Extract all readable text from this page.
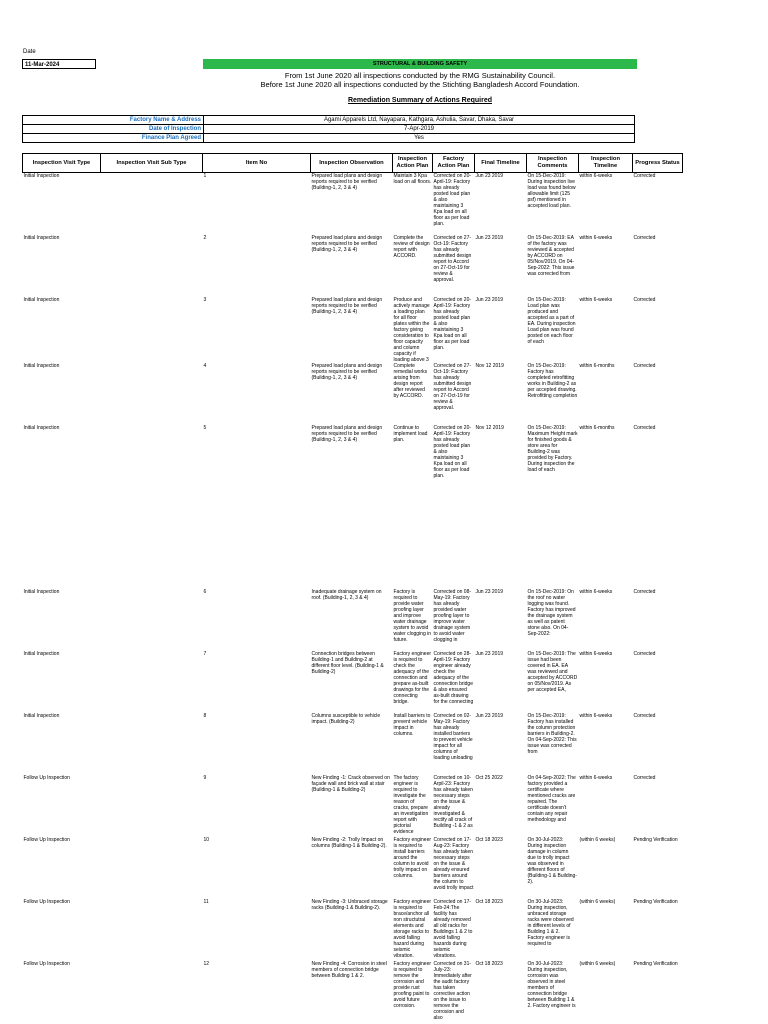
Date
11-Mar-2024	STRUCTURAL & BUILDING SAFETY
From 1st June 2020 all inspections conducted by the RMG Sustainability Council.
Before 1st June 2020 all inspections conducted by the Stichting Bangladesh Accord Foundation.
Remediation Summary of Actions Required
Factory Name & Address	Agami Apparels Ltd, Nayapara, Kathgara, Ashulia, Savar, Dhaka, Savar
Date of Inspection	7-Apr-2019
Finance Plan Agreed	Yes
Inspection Visit Type	Inspection Visit Sub Type	Item No	Inspection Observation	Inspection Action Plan	Factory Action Plan	Final Timeline	Inspection Comments	Inspection Timeline	Progress Status
Initial Inspection		1	Prepared load plans and design reports required to be verified (Building-1, 2, 3 & 4)	Maintain 3 Kpa load on all floors.	Corrected on 20-April-19: Factory has already posted load plan & also maintaining 3 Kpa load on all floor as per load plan.	Jun 23 2019	On 15-Dec-2019: During inspection live load was found below allowable limit (125 psf) mentioned in accepted load plan.	within 6-weeks	Corrected
Initial Inspection		2	Prepared load plans and design reports required to be verified (Building-1, 2, 3 & 4)	Complete the review of design report with ACCORD.	Corrected on 27-Oct-19: Factory has already submitted design report to Accord on 27-Oct-19 for review & approval.	Jun 23 2019	On 15-Dec-2019: EA of the factory was reviewed & accepted by ACCORD on 05/Nov/2019. On 04-Sep-2022: This issue was corrected from	within 6-weeks	Corrected
Initial Inspection		3	Prepared load plans and design reports required to be verified (Building-1, 2, 3 & 4)	Produce and actively manage a loading plan for all floor plates within the factory giving consideration to floor capacity and column capacity if loading above 3	Corrected on 20-April-19: Factory has already posted load plan & also maintaining 3 Kpa load on all floor as per load plan.	Jun 23 2019	On 15-Dec-2019: Load plan was produced and accepted as a part of EA. During inspection Load plan was found posted on each floor of each	within 6-weeks	Corrected
Initial Inspection		4	Prepared load plans and design reports required to be verified (Building-1, 2, 3 & 4)	Complete remedial works arising from design report after reviewed by ACCORD.	Corrected on 27-Oct-19: Factory has already submitted design report to Accord on 27-Oct-19 for review & approval.	Nov 12 2019	On 15-Dec-2019: Factory has completed retrofitting works in Building-2 as per accepted drawing. Retrofitting completion	within 6-months	Corrected
Initial Inspection		5	Prepared load plans and design reports required to be verified (Building-1, 2, 3 & 4)	Continue to implement load plan.	Corrected on 20-April-19: Factory has already posted load plan & also maintaining 3 Kpa load on all floor as per load plan.	Nov 12 2019	On 15-Dec-2019: Maximum Height mark for finished goods & store area for Building-2 was provided by Factory. During inspection the load of each	within 6-months	Corrected
Initial Inspection		6	Inadequate drainage system on roof. (Building-1, 2, 3 & 4)	Factory is required to provide water proofing layer and improve water drainage system to avoid water clogging in future.	Corrected on 08-May-19: Factory has already provided water proofing layer to improve water drainage system to avoid water clogging in	Jun 23 2019	On 15-Dec-2019: On the roof no water logging was found. Factory has improved the drainage system as well as patent stone also. On 04-Sep-2022:	within 6-weeks	Corrected
Initial Inspection		7	Connection bridges between Building-1 and Building-2 at different floor level. (Building-1 & Building-2)	Factory engineer is required to check the adequacy of the connection and prepare as-built drawings for the connecting bridge.	Corrected on 28-April-19: Factory engineer already check the adequacy of the connection bridge & also ensured as-built drawing for the connecting	Jun 23 2019	On 15-Dec-2019: The issue had been covered in EA. EA was reviewed and accepted by ACCORD on 05/Nov/2019. As per accepted EA,	within 6-weeks	Corrected
Initial Inspection		8	Columns susceptible to vehicle impact. (Building-2)	Install barriers to prevent vehicle impact in columns.	Corrected on 02-May-19: Factory has already installed barriers to prevent vehicle impact for all columns of loading unloading	Jun 23 2019	On 15-Dec-2019: Factory has installed the column protection barriers in Building-2. On 04-Sep-2022: This issue was corrected from	within 6-weeks	Corrected
Follow Up Inspection		9	New Finding -1: Crack observed on façade wall and brick wall at stair (Building-1 & Building-2)	The factory engineer is required to investigate the reason of cracks, prepare an investigation report with pictorial evidence	Corrected on 10-Arpil-23: Factory has already taken necessary steps on the issue & already investigated & rectify all crack of Building -1 & 2 as	Oct 25 2022	On 04-Sep-2022: The factory provided a certificate where mentioned cracks are repaired. The certificate doesn't contain any repair methodology and	within 6-weeks	Corrected
Follow Up Inspection		10	New Finding -2: Trolly Impact on columns (Building-1 & Building-2).	Factory engineer is required to install barriers around the column to avoid trolly impact on columns.	Corrected on 17-Aug-23: Factory has already taken necessary steps on the issue & already ensured barriers around the column to avoid trolly impact	Oct 18 2023	On 30-Jul-2023: During inspection damage in column due to trolly impact was observed in different floors of (Building-1 & Building-2).	(within 6 weeks)	Pending Verification
Follow Up Inspection		11	New Finding -3: Unbraced storage racks (Building-1 & Building-2).	Factory engineer is required to brace/anchor all non structutral elements and storage racks to avoid falling hazard during seismic vibration.	Corrected on 17-Feb-24:The facility has already removed all old racks for Buildings 1 & 2 to avoid falling hazards during seismic vibrations.	Oct 18 2023	On 30-Jul-2023: During inspection, unbraced storage racks were observed in different levels of Building 1 & 2. Factory engineer is required to	(within 6 weeks)	Pending Verification
Follow Up Inspection		12	New Finding -4: Corrosion in steel members of connection bridge between Building 1 & 2.	Factory engineer is required to remove the corrosion and provide rust proofing paint to avoid future corrosion.	Corrected on 31-July-23: Immediately after the audit factory has taken corrective action on the issue to remove the corrosion and also	Oct 18 2023	On 30-Jul-2023: During inspection, corrosion was observed in steel members of connection bridge between Building 1 & 2. Factory engineer is	(within 6 weeks)	Pending Verification
